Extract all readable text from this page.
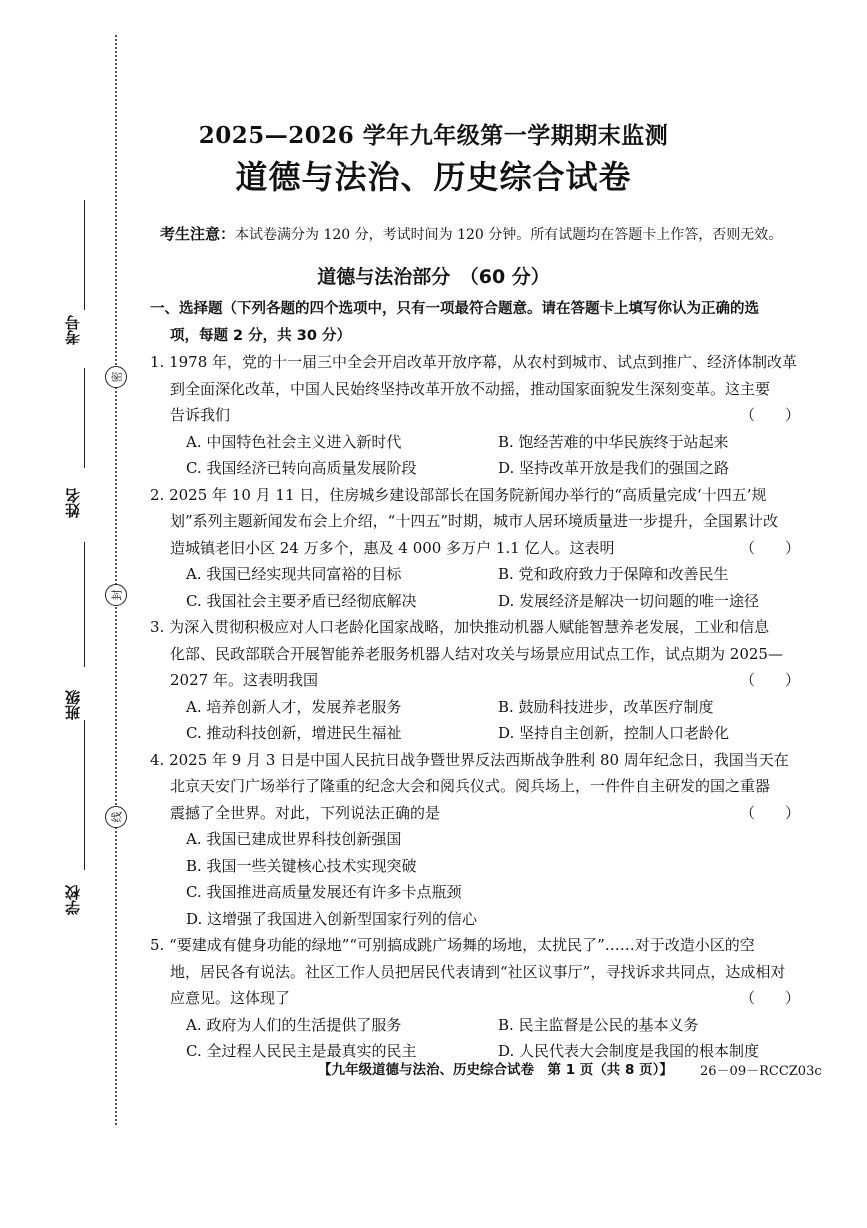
考号
姓名
班级
学校
密
封
线
2025—2026 学年九年级第一学期期末监测
道德与法治、历史综合试卷
考生注意：本试卷满分为 120 分，考试时间为 120 分钟。所有试题均在答题卡上作答，否则无效。
道德与法治部分　（60 分）
一、选择题（下列各题的四个选项中，只有一项最符合题意。请在答题卡上填写你认为正确的选
项，每题 2 分，共 30 分）
1. 1978 年，党的十一届三中全会开启改革开放序幕，从农村到城市、试点到推广、经济体制改革
到全面深化改革，中国人民始终坚持改革开放不动摇，推动国家面貌发生深刻变革。这主要
告诉我们	（　　）
A. 中国特色社会主义进入新时代	B. 饱经苦难的中华民族终于站起来
C. 我国经济已转向高质量发展阶段	D. 坚持改革开放是我们的强国之路
2. 2025 年 10 月 11 日，住房城乡建设部部长在国务院新闻办举行的“高质量完成‘十四五’规
划”系列主题新闻发布会上介绍，“十四五”时期，城市人居环境质量进一步提升，全国累计改
造城镇老旧小区 24 万多个，惠及 4 000 多万户 1.1 亿人。这表明	（　　）
A. 我国已经实现共同富裕的目标	B. 党和政府致力于保障和改善民生
C. 我国社会主要矛盾已经彻底解决	D. 发展经济是解决一切问题的唯一途径
3. 为深入贯彻积极应对人口老龄化国家战略，加快推动机器人赋能智慧养老发展，工业和信息
化部、民政部联合开展智能养老服务机器人结对攻关与场景应用试点工作，试点期为 2025—
2027 年。这表明我国	（　　）
A. 培养创新人才，发展养老服务	B. 鼓励科技进步，改革医疗制度
C. 推动科技创新，增进民生福祉	D. 坚持自主创新，控制人口老龄化
4. 2025 年 9 月 3 日是中国人民抗日战争暨世界反法西斯战争胜利 80 周年纪念日，我国当天在
北京天安门广场举行了隆重的纪念大会和阅兵仪式。阅兵场上，一件件自主研发的国之重器
震撼了全世界。对此，下列说法正确的是	（　　）
A. 我国已建成世界科技创新强国
B. 我国一些关键核心技术实现突破
C. 我国推进高质量发展还有许多卡点瓶颈
D. 这增强了我国进入创新型国家行列的信心
5. “要建成有健身功能的绿地”“可别搞成跳广场舞的场地，太扰民了”……对于改造小区的空
地，居民各有说法。社区工作人员把居民代表请到“社区议事厅”，寻找诉求共同点，达成相对
应意见。这体现了	（　　）
A. 政府为人们的生活提供了服务	B. 民主监督是公民的基本义务
C. 全过程人民民主是最真实的民主	D. 人民代表大会制度是我国的根本制度
【九年级道德与法治、历史综合试卷　第 1 页（共 8 页）】 26－09－RCCZ03c
